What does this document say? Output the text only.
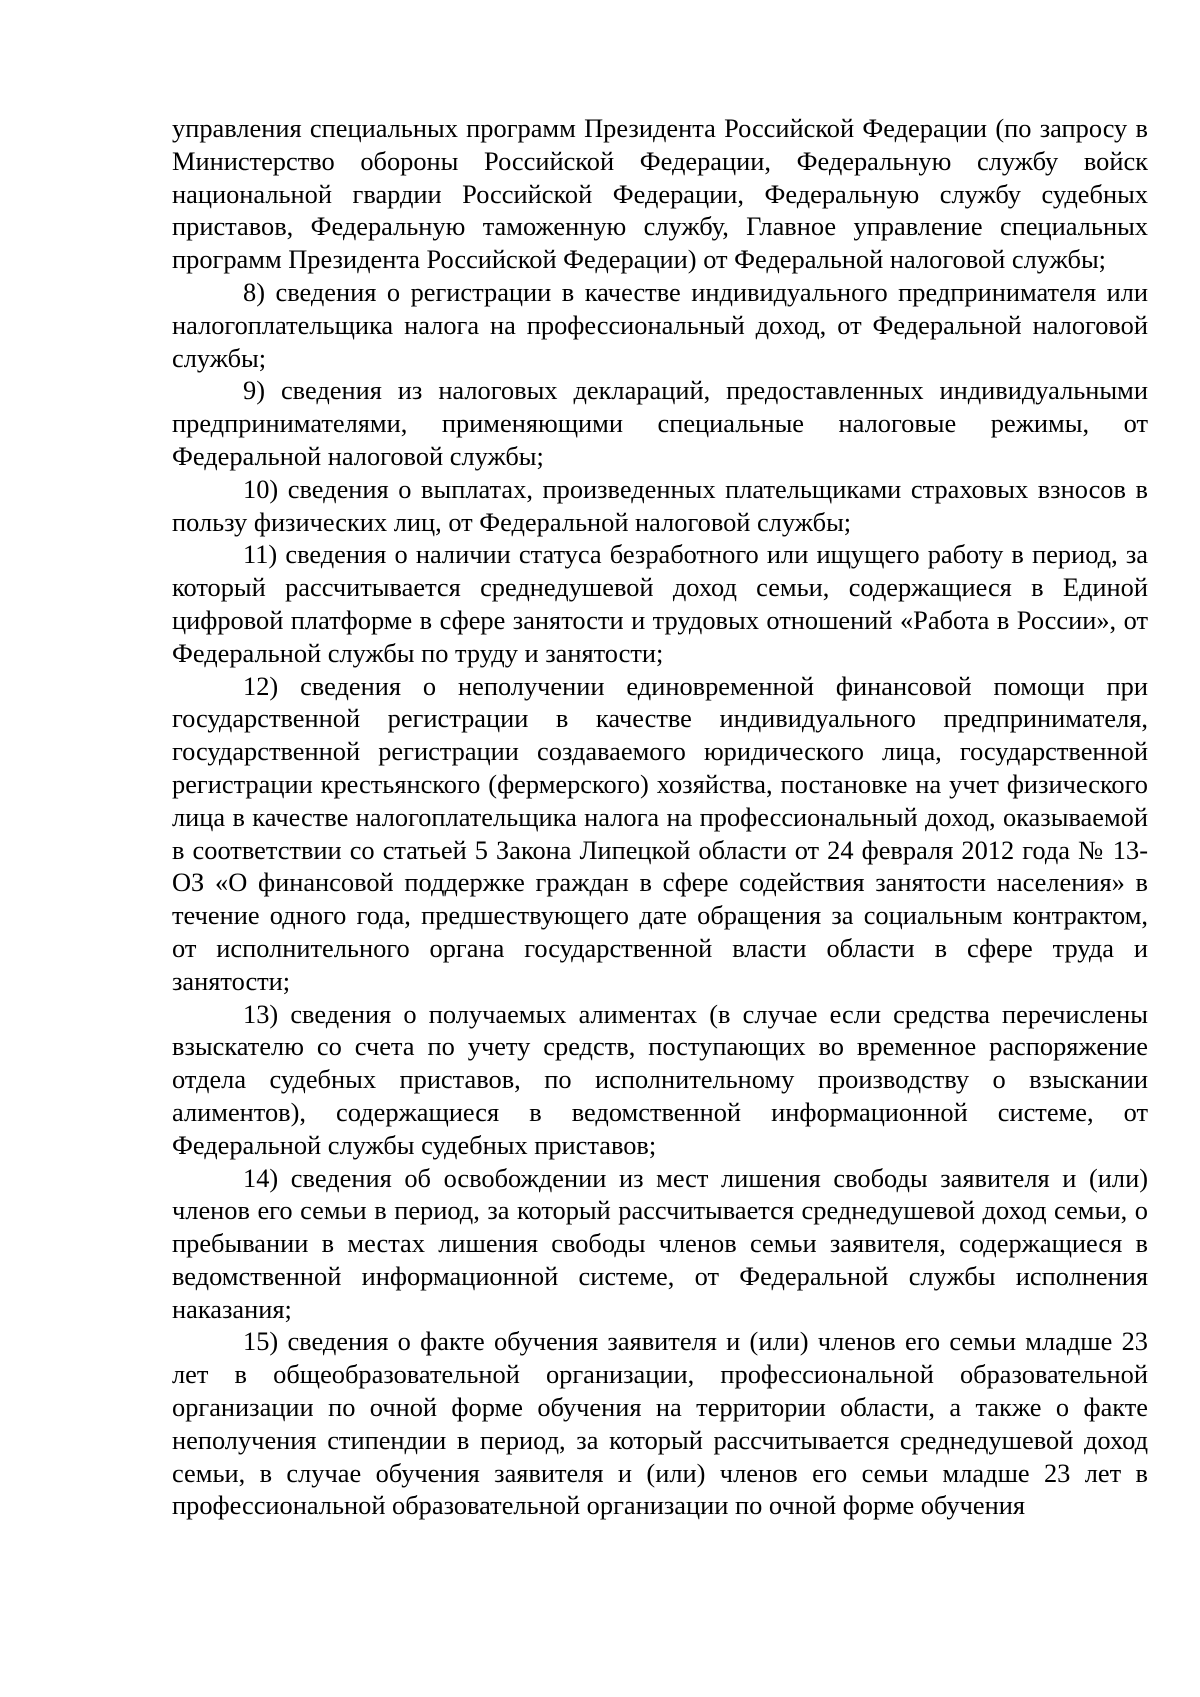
управления специальных программ Президента Российской Федерации (по запросу в Министерство обороны Российской Федерации, Федеральную службу войск национальной гвардии Российской Федерации, Федеральную службу судебных приставов, Федеральную таможенную службу, Главное управление специальных программ Президента Российской Федерации) от Федеральной налоговой службы;

8) сведения о регистрации в качестве индивидуального предпринимателя или налогоплательщика налога на профессиональный доход, от Федеральной налоговой службы;

9) сведения из налоговых деклараций, предоставленных индивидуальными предпринимателями, применяющими специальные налоговые режимы, от Федеральной налоговой службы;

10) сведения о выплатах, произведенных плательщиками страховых взносов в пользу физических лиц, от Федеральной налоговой службы;

11) сведения о наличии статуса безработного или ищущего работу в период, за который рассчитывается среднедушевой доход семьи, содержащиеся в Единой цифровой платформе в сфере занятости и трудовых отношений «Работа в России», от Федеральной службы по труду и занятости;

12) сведения о неполучении единовременной финансовой помощи при государственной регистрации в качестве индивидуального предпринимателя, государственной регистрации создаваемого юридического лица, государственной регистрации крестьянского (фермерского) хозяйства, постановке на учет физического лица в качестве налогоплательщика налога на профессиональный доход, оказываемой в соответствии со статьей 5 Закона Липецкой области от 24 февраля 2012 года № 13-ОЗ «О финансовой поддержке граждан в сфере содействия занятости населения» в течение одного года, предшествующего дате обращения за социальным контрактом, от исполнительного органа государственной власти области в сфере труда и занятости;

13) сведения о получаемых алиментах (в случае если средства перечислены взыскателю со счета по учету средств, поступающих во временное распоряжение отдела судебных приставов, по исполнительному производству о взыскании алиментов), содержащиеся в ведомственной информационной системе, от Федеральной службы судебных приставов;

14) сведения об освобождении из мест лишения свободы заявителя и (или) членов его семьи в период, за который рассчитывается среднедушевой доход семьи, о пребывании в местах лишения свободы членов семьи заявителя, содержащиеся в ведомственной информационной системе, от Федеральной службы исполнения наказания;

15) сведения о факте обучения заявителя и (или) членов его семьи младше 23 лет в общеобразовательной организации, профессиональной образовательной организации по очной форме обучения на территории области, а также о факте неполучения стипендии в период, за который рассчитывается среднедушевой доход семьи, в случае обучения заявителя и (или) членов его семьи младше 23 лет в профессиональной образовательной организации по очной форме обучения
